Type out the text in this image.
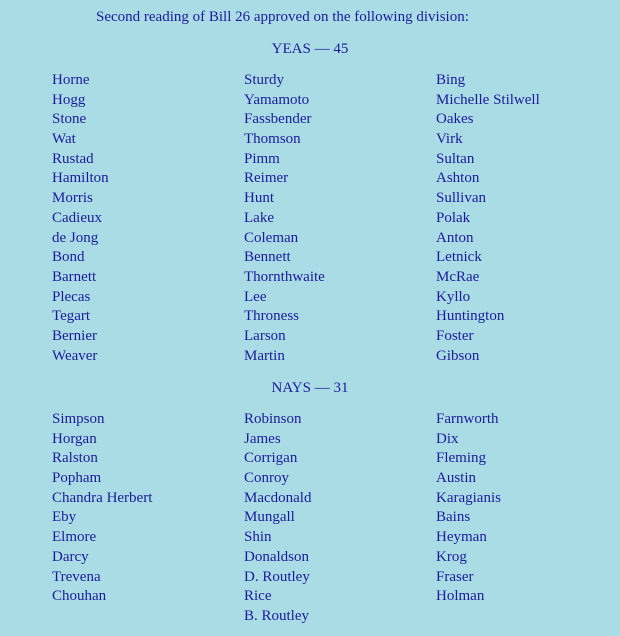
Second reading of Bill 26 approved on the following division:
YEAS — 45
Horne
Hogg
Stone
Wat
Rustad
Hamilton
Morris
Cadieux
de Jong
Bond
Barnett
Plecas
Tegart
Bernier
Weaver
Sturdy
Yamamoto
Fassbender
Thomson
Pimm
Reimer
Hunt
Lake
Coleman
Bennett
Thornthwaite
Lee
Throness
Larson
Martin
Bing
Michelle Stilwell
Oakes
Virk
Sultan
Ashton
Sullivan
Polak
Anton
Letnick
McRae
Kyllo
Huntington
Foster
Gibson
NAYS — 31
Simpson
Horgan
Ralston
Popham
Chandra Herbert
Eby
Elmore
Darcy
Trevena
Chouhan
Robinson
James
Corrigan
Conroy
Macdonald
Mungall
Shin
Donaldson
D. Routley
Rice
B. Routley
Farnworth
Dix
Fleming
Austin
Karagianis
Bains
Heyman
Krog
Fraser
Holman
